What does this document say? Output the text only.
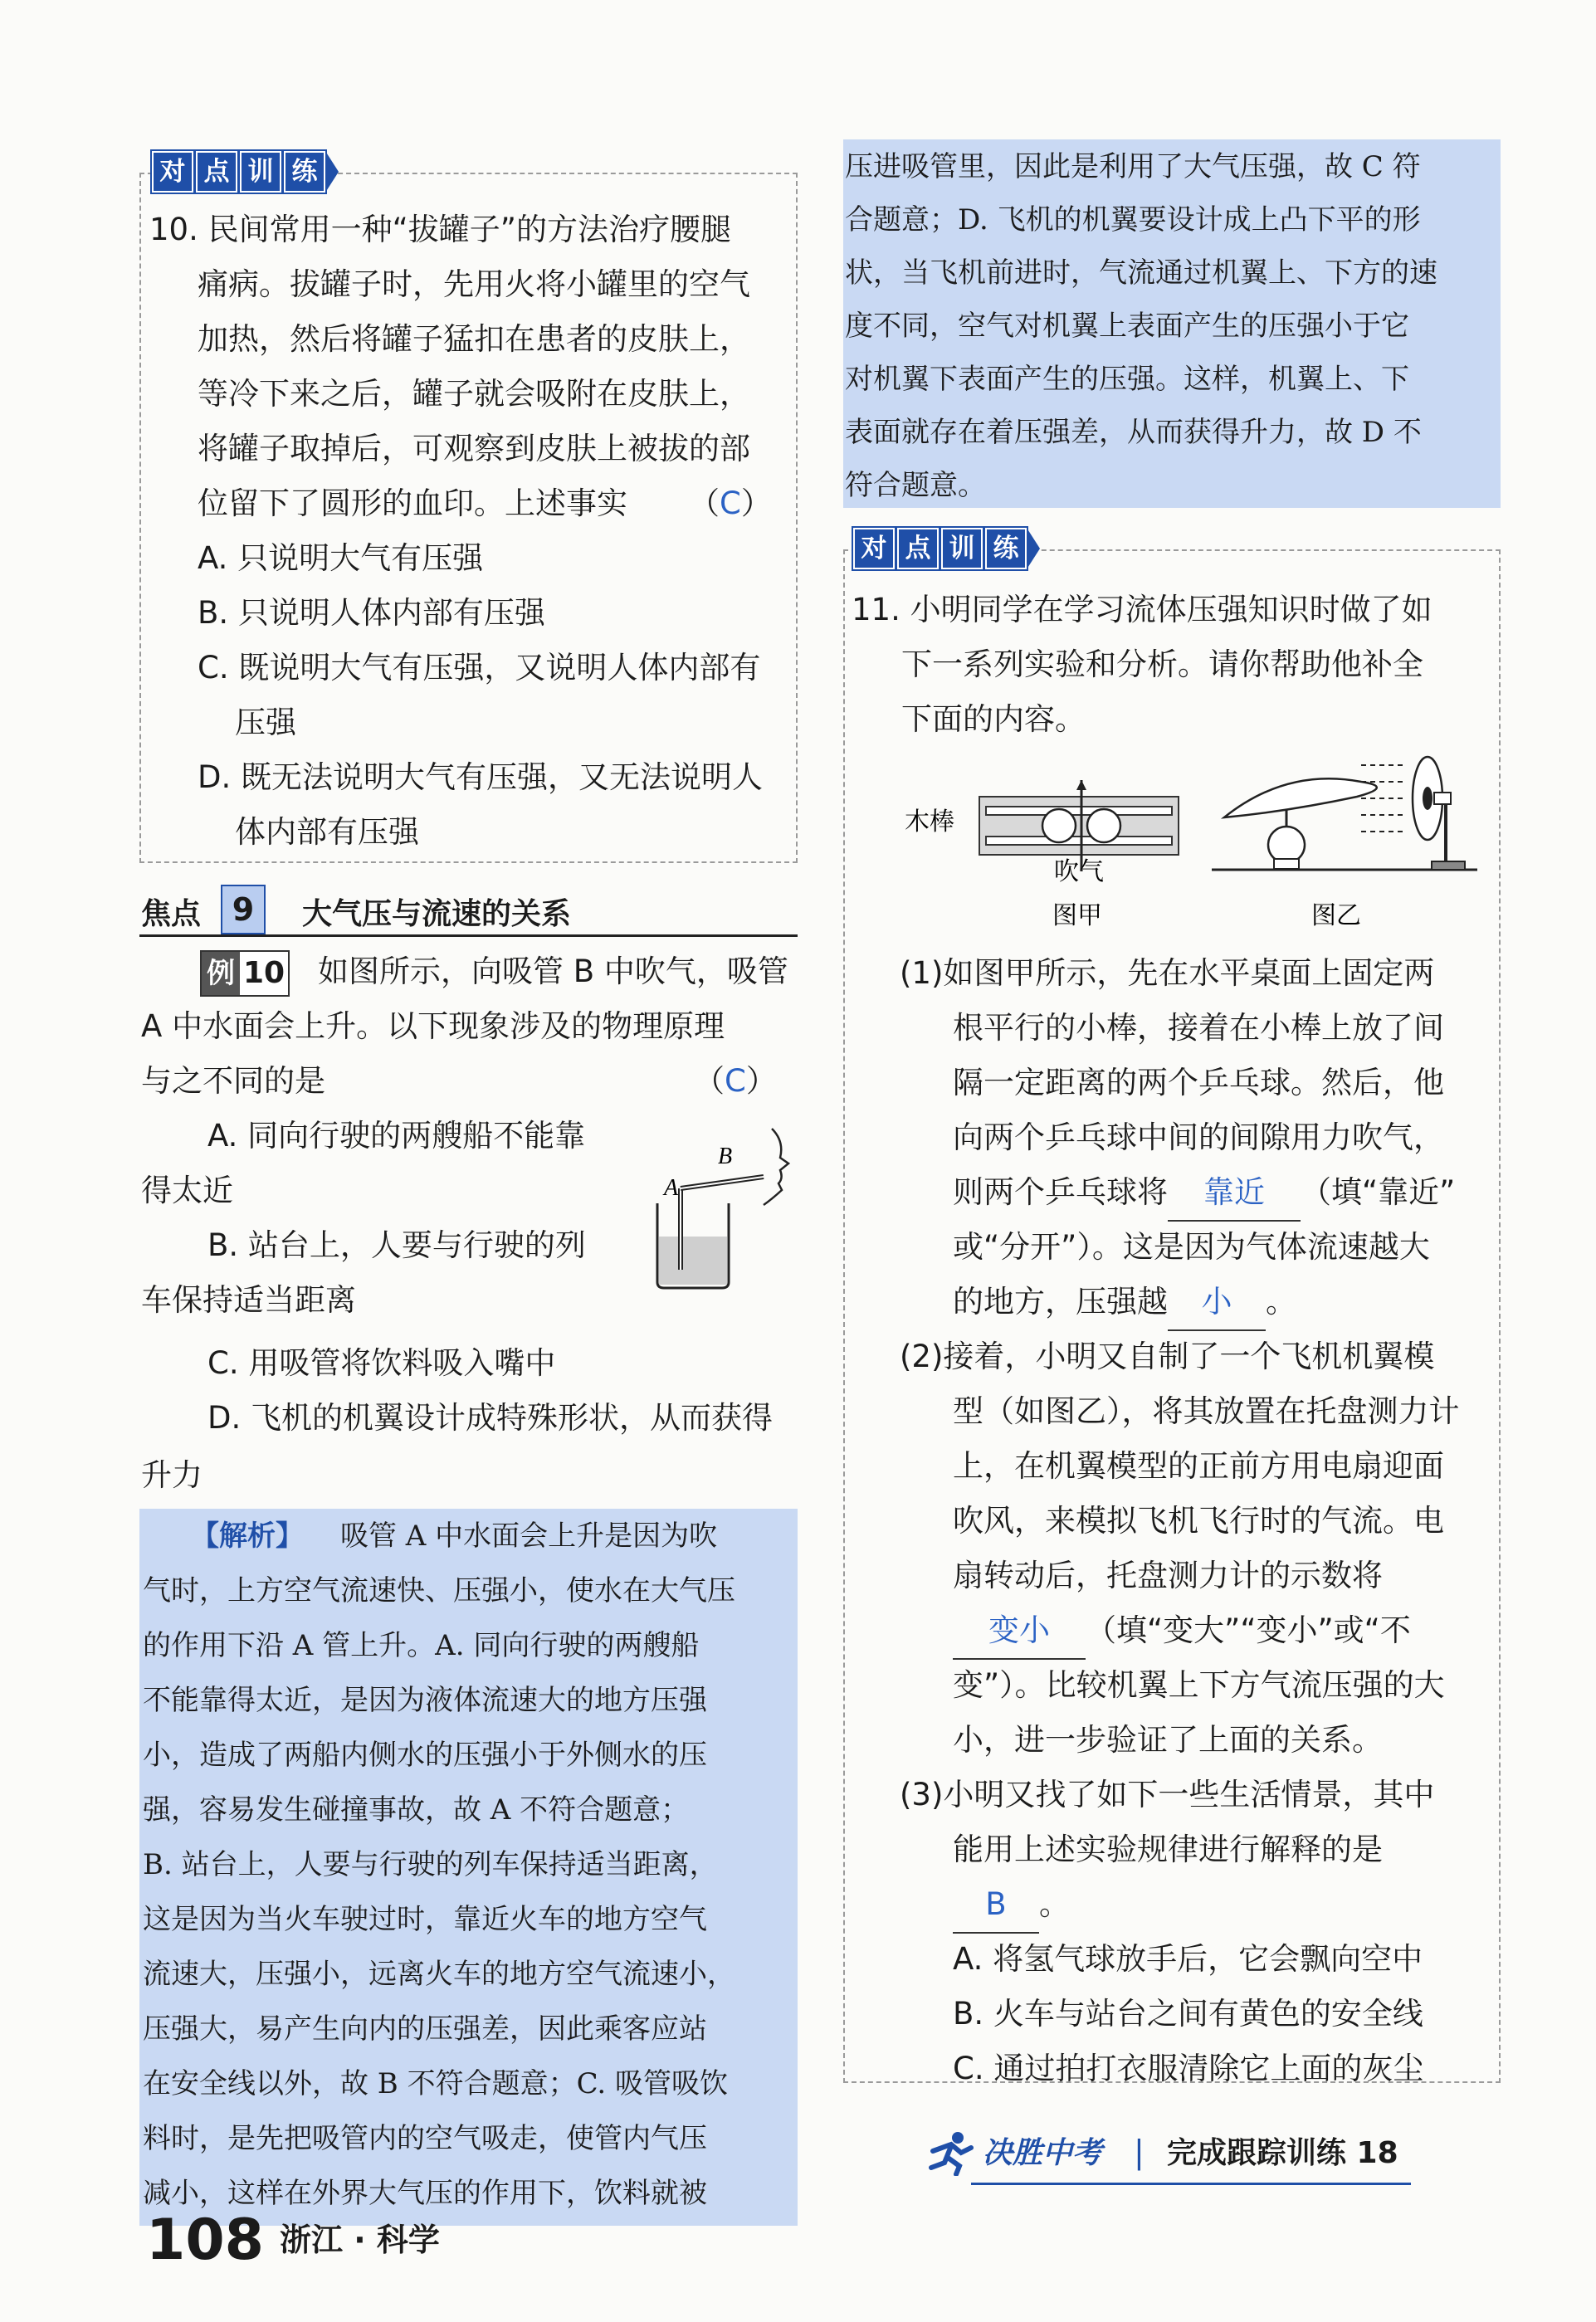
对 点 训 练
10. 民间常用一种“拔罐子”的方法治疗腰腿
痛病。拔罐子时，先用火将小罐里的空气
加热，然后将罐子猛扣在患者的皮肤上，
等冷下来之后，罐子就会吸附在皮肤上，
将罐子取掉后，可观察到皮肤上被拔的部
位留下了圆形的血印。上述事实 （C）
A. 只说明大气有压强
B. 只说明人体内部有压强
C. 既说明大气有压强，又说明人体内部有
压强
D. 既无法说明大气有压强，又无法说明人
体内部有压强
焦点 9	大气压与流速的关系
例 10 如图所示，向吸管 B 中吹气，吸管
A 中水面会上升。以下现象涉及的物理原理
与之不同的是	（C）
A. 同向行驶的两艘船不能靠
得太近
B. 站台上，人要与行驶的列
车保持适当距离
C. 用吸管将饮料吸入嘴中
D. 飞机的机翼设计成特殊形状，从而获得
升力
A
B
【解析】 吸管 A 中水面会上升是因为吹
气时，上方空气流速快、压强小，使水在大气压
的作用下沿 A 管上升。A. 同向行驶的两艘船
不能靠得太近，是因为液体流速大的地方压强
小，造成了两船内侧水的压强小于外侧水的压
强，容易发生碰撞事故，故 A 不符合题意；
B. 站台上，人要与行驶的列车保持适当距离，
这是因为当火车驶过时，靠近火车的地方空气
流速大，压强小，远离火车的地方空气流速小，
压强大，易产生向内的压强差，因此乘客应站
在安全线以外，故 B 不符合题意；C. 吸管吸饮
料时，是先把吸管内的空气吸走，使管内气压
减小，这样在外界大气压的作用下，饮料就被
压进吸管里，因此是利用了大气压强，故 C 符
合题意；D. 飞机的机翼要设计成上凸下平的形
状，当飞机前进时，气流通过机翼上、下方的速
度不同，空气对机翼上表面产生的压强小于它
对机翼下表面产生的压强。这样，机翼上、下
表面就存在着压强差，从而获得升力，故 D 不
符合题意。
对 点 训 练
11. 小明同学在学习流体压强知识时做了如
下一系列实验和分析。请你帮助他补全
下面的内容。
木棒
吹气
图甲	图乙
(1)如图甲所示，先在水平桌面上固定两
根平行的小棒，接着在小棒上放了间
隔一定距离的两个乒乓球。然后，他
向两个乒乓球中间的间隙用力吹气，
则两个乒乓球将 靠近 （填“靠近”
或“分开”）。这是因为气体流速越大
的地方，压强越 小 。
(2)接着，小明又自制了一个飞机机翼模
型（如图乙），将其放置在托盘测力计
上，在机翼模型的正前方用电扇迎面
吹风，来模拟飞机飞行时的气流。电
扇转动后，托盘测力计的示数将
变小 （填“变大”“变小”或“不
变”）。比较机翼上下方气流压强的大
小，进一步验证了上面的关系。
(3)小明又找了如下一些生活情景，其中
能用上述实验规律进行解释的是
B 。
A. 将氢气球放手后，它会飘向空中
B. 火车与站台之间有黄色的安全线
C. 通过拍打衣服清除它上面的灰尘
决胜中考 | 完成跟踪训练 18
108 浙江 · 科学
